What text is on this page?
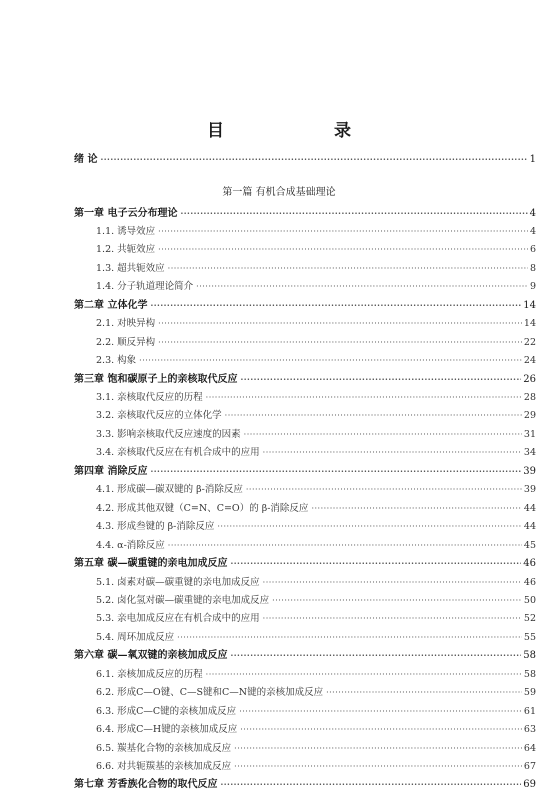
目 录
第一篇 有机合成基础理论
绪 论 ·····	1
第一章 电子云分布理论 ·····	4
1.1. 诱导效应 ·····	4
1.2. 共轭效应 ·····	6
1.3. 超共轭效应 ·····	8
1.4. 分子轨道理论简介 ·····	9
第二章 立体化学 ·····	14
2.1. 对映异构 ·····	14
2.2. 顺反异构 ·····	22
2.3. 构象 ·····	24
第三章 饱和碳原子上的亲核取代反应 ·····	26
3.1. 亲核取代反应的历程 ·····	28
3.2. 亲核取代反应的立体化学 ·····	29
3.3. 影响亲核取代反应速度的因素 ·····	31
3.4. 亲核取代反应在有机合成中的应用 ·····	34
第四章 消除反应 ·····	39
4.1. 形成碳—碳双键的 β-消除反应 ·····	39
4.2. 形成其他双键（C=N、C=O）的 β-消除反应 ·····	44
4.3. 形成叁键的 β-消除反应 ·····	44
4.4. α-消除反应 ·····	45
第五章 碳—碳重键的亲电加成反应 ·····	46
5.1. 卤素对碳—碳重键的亲电加成反应 ·····	46
5.2. 卤化氢对碳—碳重键的亲电加成反应 ·····	50
5.3. 亲电加成反应在有机合成中的应用 ·····	52
5.4. 周环加成反应 ·····	55
第六章 碳—氧双键的亲核加成反应 ·····	58
6.1. 亲核加成反应的历程 ·····	58
6.2. 形成C—O键、C—S键和C—N键的亲核加成反应 ·····	59
6.3. 形成C—C键的亲核加成反应 ·····	61
6.4. 形成C—H键的亲核加成反应 ·····	63
6.5. 羰基化合物的亲核加成反应 ·····	64
6.6. 对共轭羰基的亲核加成反应 ·····	67
第七章 芳香族化合物的取代反应 ·····	69
